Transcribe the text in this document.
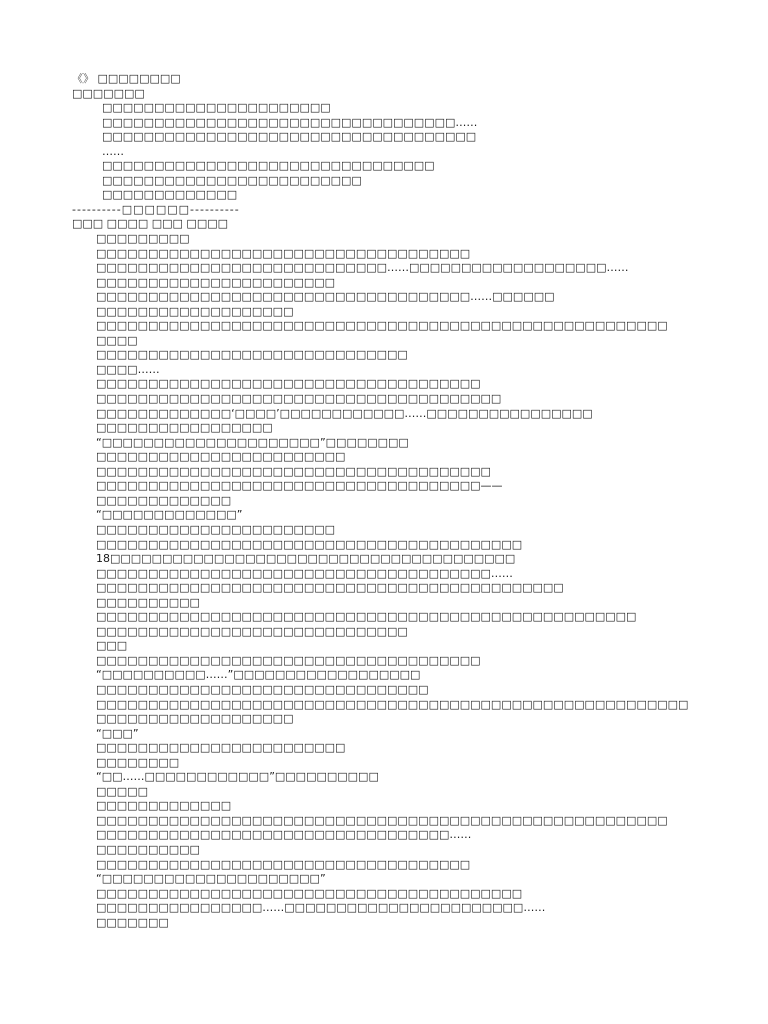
《》 □□□□□□□□
□□□□□□□
□□□□□□□□□□□□□□□□□□□□□□
□□□□□□□□□□□□□□□□□□□□□□□□□□□□□□□□□□……
□□□□□□□□□□□□□□□□□□□□□□□□□□□□□□□□□□□□
……
□□□□□□□□□□□□□□□□□□□□□□□□□□□□□□□□
□□□□□□□□□□□□□□□□□□□□□□□□□
□□□□□□□□□□□□□
----------□□□□□□----------
□□□ □□□□ □□□ □□□□
□□□□□□□□□
□□□□□□□□□□□□□□□□□□□□□□□□□□□□□□□□□□□□
□□□□□□□□□□□□□□□□□□□□□□□□□□□□……□□□□□□□□□□□□□□□□□□□……
□□□□□□□□□□□□□□□□□□□□□□□
□□□□□□□□□□□□□□□□□□□□□□□□□□□□□□□□□□□□……□□□□□□
□□□□□□□□□□□□□□□□□□□
□□□□□□□□□□□□□□□□□□□□□□□□□□□□□□□□□□□□□□□□□□□□□□□□□□□□□□□
□□□□
□□□□□□□□□□□□□□□□□□□□□□□□□□□□□□
□□□□……
□□□□□□□□□□□□□□□□□□□□□□□□□□□□□□□□□□□□□
□□□□□□□□□□□□□□□□□□□□□□□□□□□□□□□□□□□□□□□
□□□□□□□□□□□□□‘□□□□’□□□□□□□□□□□□……□□□□□□□□□□□□□□□□
□□□□□□□□□□□□□□□□□
“□□□□□□□□□□□□□□□□□□□□□”□□□□□□□□
□□□□□□□□□□□□□□□□□□□□□□□□
□□□□□□□□□□□□□□□□□□□□□□□□□□□□□□□□□□□□□□
□□□□□□□□□□□□□□□□□□□□□□□□□□□□□□□□□□□□□——
□□□□□□□□□□□□□
“□□□□□□□□□□□□□”
□□□□□□□□□□□□□□□□□□□□□□□
□□□□□□□□□□□□□□□□□□□□□□□□□□□□□□□□□□□□□□□□□
18□□□□□□□□□□□□□□□□□□□□□□□□□□□□□□□□□□□□□□□
□□□□□□□□□□□□□□□□□□□□□□□□□□□□□□□□□□□□□□……
□□□□□□□□□□□□□□□□□□□□□□□□□□□□□□□□□□□□□□□□□□□□□
□□□□□□□□□□
□□□□□□□□□□□□□□□□□□□□□□□□□□□□□□□□□□□□□□□□□□□□□□□□□□□□
□□□□□□□□□□□□□□□□□□□□□□□□□□□□□□
□□□
□□□□□□□□□□□□□□□□□□□□□□□□□□□□□□□□□□□□□
“□□□□□□□□□□……”□□□□□□□□□□□□□□□□□□
□□□□□□□□□□□□□□□□□□□□□□□□□□□□□□□□
□□□□□□□□□□□□□□□□□□□□□□□□□□□□□□□□□□□□□□□□□□□□□□□□□□□□□□□□□
□□□□□□□□□□□□□□□□□□□
“□□□”
□□□□□□□□□□□□□□□□□□□□□□□□
□□□□□□□□
“□□……□□□□□□□□□□□□”□□□□□□□□□□
□□□□□
□□□□□□□□□□□□□
□□□□□□□□□□□□□□□□□□□□□□□□□□□□□□□□□□□□□□□□□□□□□□□□□□□□□□□
□□□□□□□□□□□□□□□□□□□□□□□□□□□□□□□□□□……
□□□□□□□□□□
□□□□□□□□□□□□□□□□□□□□□□□□□□□□□□□□□□□□
“□□□□□□□□□□□□□□□□□□□□□”
□□□□□□□□□□□□□□□□□□□□□□□□□□□□□□□□□□□□□□□□□
□□□□□□□□□□□□□□□□……□□□□□□□□□□□□□□□□□□□□□□□……
□□□□□□□
